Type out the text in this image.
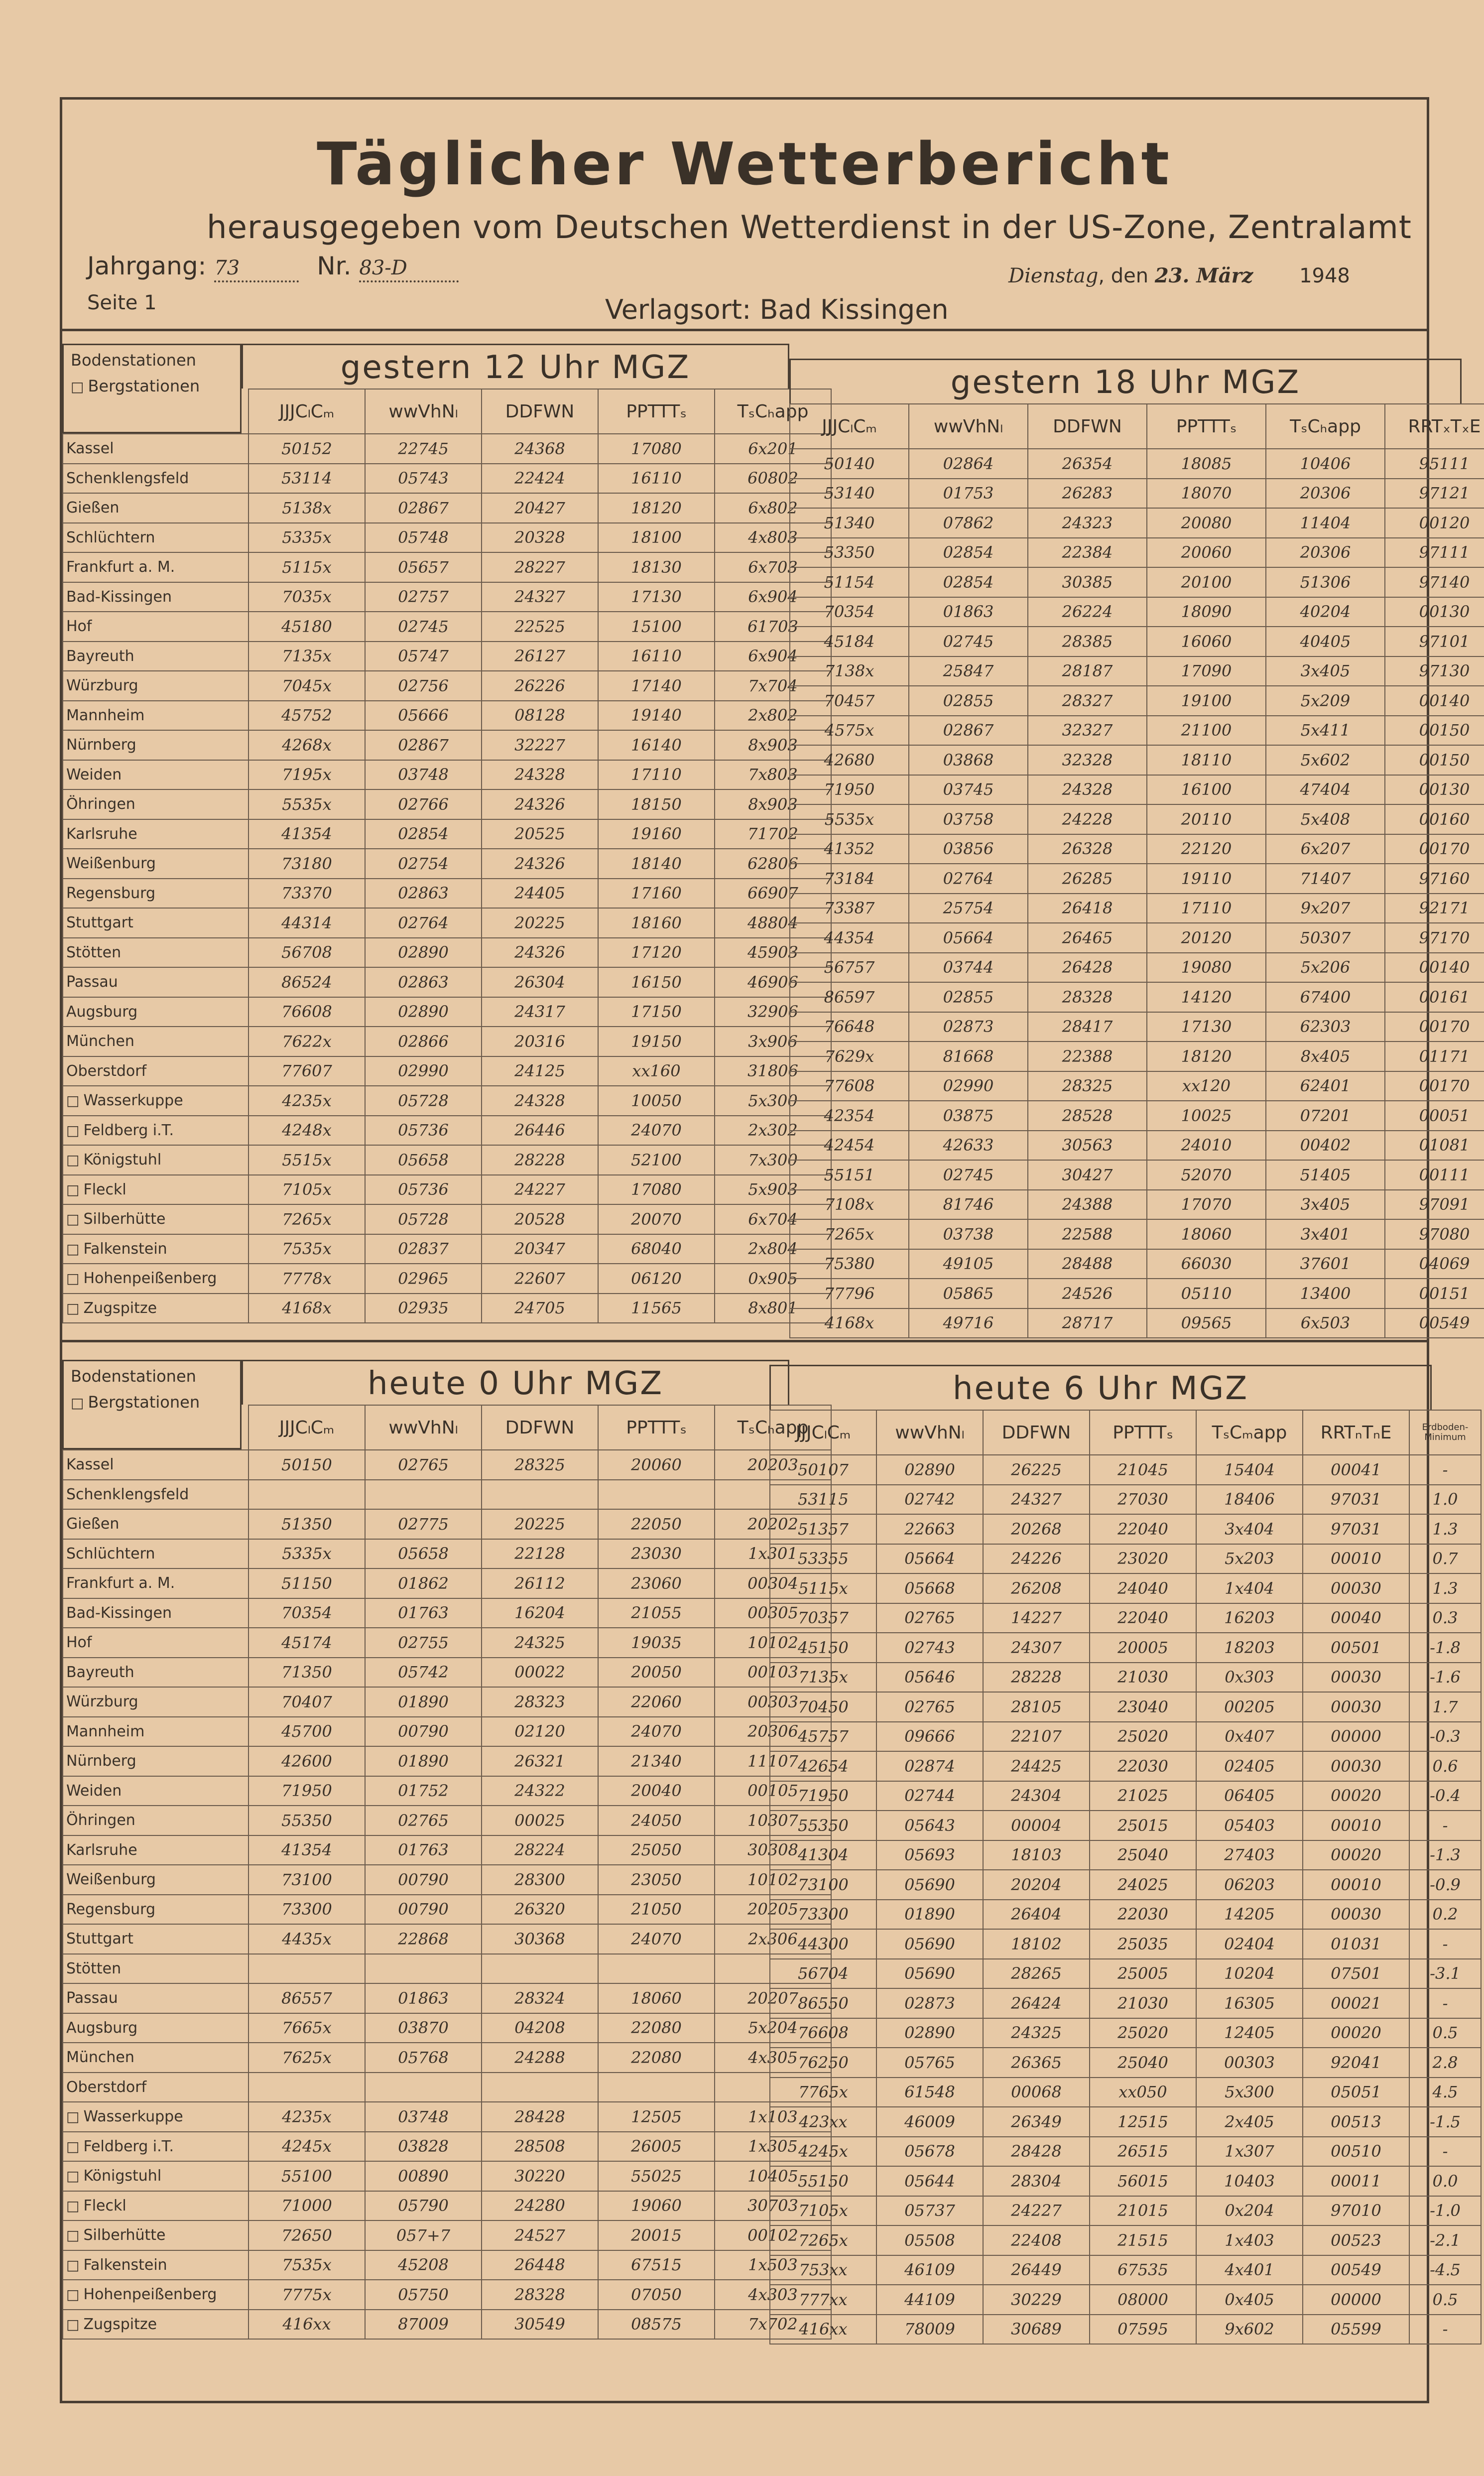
Täglicher Wetterbericht
herausgegeben vom Deutschen Wetterdienst in der US-Zone, Zentralamt
Jahrgang: 73	Nr. 83-D
Seite 1	Verlagsort: Bad Kissingen
Dienstag, den 23. März 1948
Bodenstationen
□ Bergstationen	gestern 12 Uhr MGZ
	JJJCₗCₘ	wwVhNₗ	DDFWN	PPTTTₛ	TₛCₕapp
Kassel	50152	22745	24368	17080	6x201
Schenklengsfeld	53114	05743	22424	16110	60802
Gießen	5138x	02867	20427	18120	6x802
Schlüchtern	5335x	05748	20328	18100	4x803
Frankfurt a. M.	5115x	05657	28227	18130	6x703
Bad-Kissingen	7035x	02757	24327	17130	6x904
Hof	45180	02745	22525	15100	61703
Bayreuth	7135x	05747	26127	16110	6x904
Würzburg	7045x	02756	26226	17140	7x704
Mannheim	45752	05666	08128	19140	2x802
Nürnberg	4268x	02867	32227	16140	8x903
Weiden	7195x	03748	24328	17110	7x803
Öhringen	5535x	02766	24326	18150	8x903
Karlsruhe	41354	02854	20525	19160	71702
Weißenburg	73180	02754	24326	18140	62806
Regensburg	73370	02863	24405	17160	66907
Stuttgart	44314	02764	20225	18160	48804
Stötten	56708	02890	24326	17120	45903
Passau	86524	02863	26304	16150	46906
Augsburg	76608	02890	24317	17150	32906
München	7622x	02866	20316	19150	3x906
Oberstdorf	77607	02990	24125	xx160	31806
□ Wasserkuppe	4235x	05728	24328	10050	5x300
□ Feldberg i.T.	4248x	05736	26446	24070	2x302
□ Königstuhl	5515x	05658	28228	52100	7x300
□ Fleckl	7105x	05736	24227	17080	5x903
□ Silberhütte	7265x	05728	20528	20070	6x704
□ Falkenstein	7535x	02837	20347	68040	2x804
□ Hohenpeißenberg	7778x	02965	22607	06120	0x905
□ Zugspitze	4168x	02935	24705	11565	8x801
gestern 18 Uhr MGZ
JJJCₗCₘ	wwVhNₗ	DDFWN	PPTTTₛ	TₛCₕapp	RRTₓTₓE
50140	02864	26354	18085	10406	95111
53140	01753	26283	18070	20306	97121
51340	07862	24323	20080	11404	00120
53350	02854	22384	20060	20306	97111
51154	02854	30385	20100	51306	97140
70354	01863	26224	18090	40204	00130
45184	02745	28385	16060	40405	97101
7138x	25847	28187	17090	3x405	97130
70457	02855	28327	19100	5x209	00140
4575x	02867	32327	21100	5x411	00150
42680	03868	32328	18110	5x602	00150
71950	03745	24328	16100	47404	00130
5535x	03758	24228	20110	5x408	00160
41352	03856	26328	22120	6x207	00170
73184	02764	26285	19110	71407	97160
73387	25754	26418	17110	9x207	92171
44354	05664	26465	20120	50307	97170
56757	03744	26428	19080	5x206	00140
86597	02855	28328	14120	67400	00161
76648	02873	28417	17130	62303	00170
7629x	81668	22388	18120	8x405	01171
77608	02990	28325	xx120	62401	00170
42354	03875	28528	10025	07201	00051
42454	42633	30563	24010	00402	01081
55151	02745	30427	52070	51405	00111
7108x	81746	24388	17070	3x405	97091
7265x	03738	22588	18060	3x401	97080
75380	49105	28488	66030	37601	04069
77796	05865	24526	05110	13400	00151
4168x	49716	28717	09565	6x503	00549
Bodenstationen
□ Bergstationen	heute 0 Uhr MGZ
	JJJCₗCₘ	wwVhNₗ	DDFWN	PPTTTₛ	TₛCₕapp
Kassel	50150	02765	28325	20060	20203
Schenklengsfeld					
Gießen	51350	02775	20225	22050	20202
Schlüchtern	5335x	05658	22128	23030	1x301
Frankfurt a. M.	51150	01862	26112	23060	00304
Bad-Kissingen	70354	01763	16204	21055	00305
Hof	45174	02755	24325	19035	10102
Bayreuth	71350	05742	00022	20050	00103
Würzburg	70407	01890	28323	22060	00303
Mannheim	45700	00790	02120	24070	20306
Nürnberg	42600	01890	26321	21340	11107
Weiden	71950	01752	24322	20040	00105
Öhringen	55350	02765	00025	24050	10307
Karlsruhe	41354	01763	28224	25050	30308
Weißenburg	73100	00790	28300	23050	10102
Regensburg	73300	00790	26320	21050	20205
Stuttgart	4435x	22868	30368	24070	2x306
Stötten					
Passau	86557	01863	28324	18060	20207
Augsburg	7665x	03870	04208	22080	5x204
München	7625x	05768	24288	22080	4x305
Oberstdorf					
□ Wasserkuppe	4235x	03748	28428	12505	1x103
□ Feldberg i.T.	4245x	03828	28508	26005	1x305
□ Königstuhl	55100	00890	30220	55025	10405
□ Fleckl	71000	05790	24280	19060	30703
□ Silberhütte	72650	057+7	24527	20015	00102
□ Falkenstein	7535x	45208	26448	67515	1x503
□ Hohenpeißenberg	7775x	05750	28328	07050	4x303
□ Zugspitze	416xx	87009	30549	08575	7x702
heute 6 Uhr MGZ
JJJCₗCₘ	wwVhNₗ	DDFWN	PPTTTₛ	TₛCₘapp	RRTₙTₙE	Erdboden-Minimum
50107	02890	26225	21045	15404	00041	-
53115	02742	24327	27030	18406	97031	1.0
51357	22663	20268	22040	3x404	97031	1.3
53355	05664	24226	23020	5x203	00010	0.7
5115x	05668	26208	24040	1x404	00030	1.3
70357	02765	14227	22040	16203	00040	0.3
45150	02743	24307	20005	18203	00501	-1.8
7135x	05646	28228	21030	0x303	00030	-1.6
70450	02765	28105	23040	00205	00030	1.7
45757	09666	22107	25020	0x407	00000	-0.3
42654	02874	24425	22030	02405	00030	0.6
71950	02744	24304	21025	06405	00020	-0.4
55350	05643	00004	25015	05403	00010	-
41304	05693	18103	25040	27403	00020	-1.3
73100	05690	20204	24025	06203	00010	-0.9
73300	01890	26404	22030	14205	00030	0.2
44300	05690	18102	25035	02404	01031	-
56704	05690	28265	25005	10204	07501	-3.1
86550	02873	26424	21030	16305	00021	-
76608	02890	24325	25020	12405	00020	0.5
76250	05765	26365	25040	00303	92041	2.8
7765x	61548	00068	xx050	5x300	05051	4.5
423xx	46009	26349	12515	2x405	00513	-1.5
4245x	05678	28428	26515	1x307	00510	-
55150	05644	28304	56015	10403	00011	0.0
7105x	05737	24227	21015	0x204	97010	-1.0
7265x	05508	22408	21515	1x403	00523	-2.1
753xx	46109	26449	67535	4x401	00549	-4.5
777xx	44109	30229	08000	0x405	00000	0.5
416xx	78009	30689	07595	9x602	05599	-
